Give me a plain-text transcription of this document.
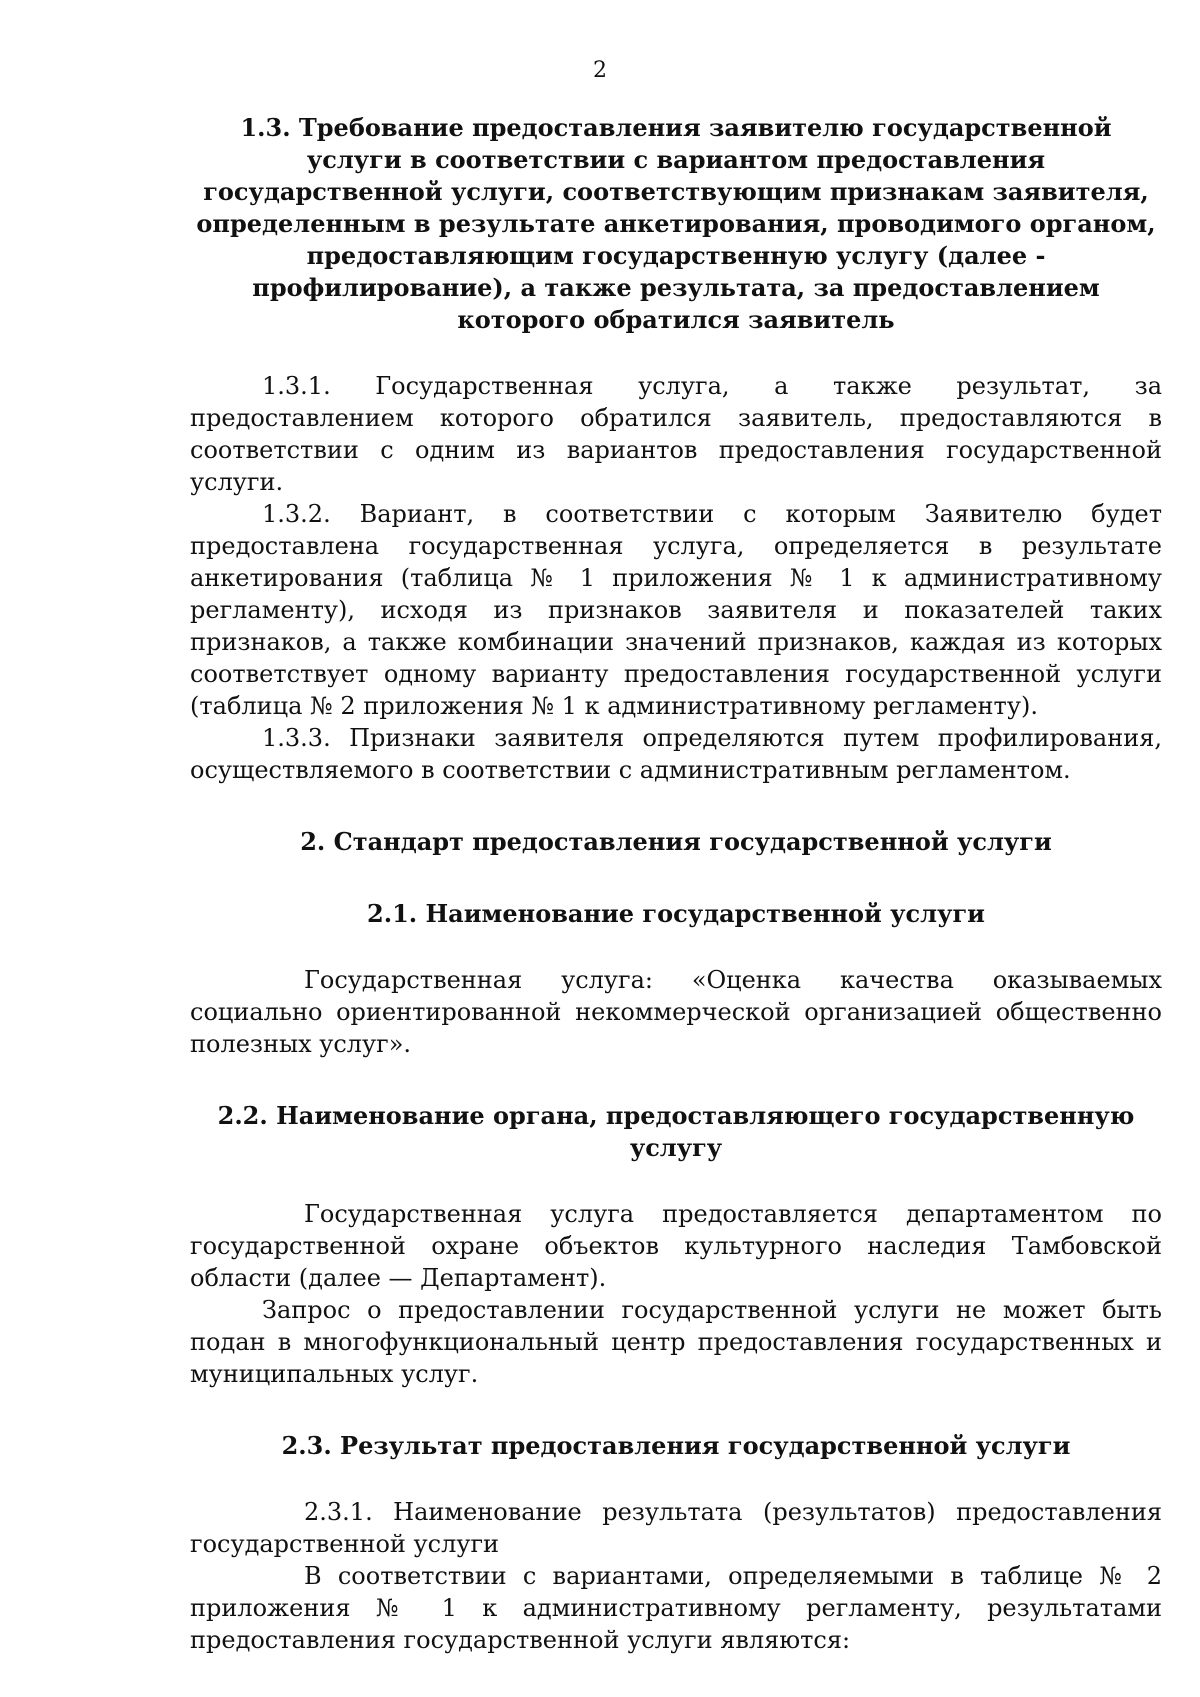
2
1.3. Требование предоставления заявителю государственной услуги в соответствии с вариантом предоставления государственной услуги, соответствующим признакам заявителя, определенным в результате анкетирования, проводимого органом, предоставляющим государственную услугу (далее - профилирование), а также результата, за предоставлением которого обратился заявитель

1.3.1. Государственная услуга, а также результат, за предоставлением которого обратился заявитель, предоставляются в соответствии с одним из вариантов предоставления государственной услуги.

1.3.2. Вариант, в соответствии с которым Заявителю будет предоставлена государственная услуга, определяется в результате анкетирования (таблица № 1 приложения № 1 к административному регламенту), исходя из признаков заявителя и показателей таких признаков, а также комбинации значений признаков, каждая из которых соответствует одному варианту предоставления государственной услуги (таблица № 2 приложения № 1 к административному регламенту).

1.3.3. Признаки заявителя определяются путем профилирования, осуществляемого в соответствии с административным регламентом.

2. Стандарт предоставления государственной услуги
2.1. Наименование государственной услуги

Государственная услуга: «Оценка качества оказываемых социально ориентированной некоммерческой организацией общественно полезных услуг».

2.2. Наименование органа, предоставляющего государственную услугу

Государственная услуга предоставляется департаментом по государственной охране объектов культурного наследия Тамбовской области (далее — Департамент).

Запрос о предоставлении государственной услуги не может быть подан в многофункциональный центр предоставления государственных и муниципальных услуг.

2.3. Результат предоставления государственной услуги

2.3.1. Наименование результата (результатов) предоставления государственной услуги

В соответствии с вариантами, определяемыми в таблице № 2 приложения № 1 к административному регламенту, результатами предоставления государственной услуги являются:
